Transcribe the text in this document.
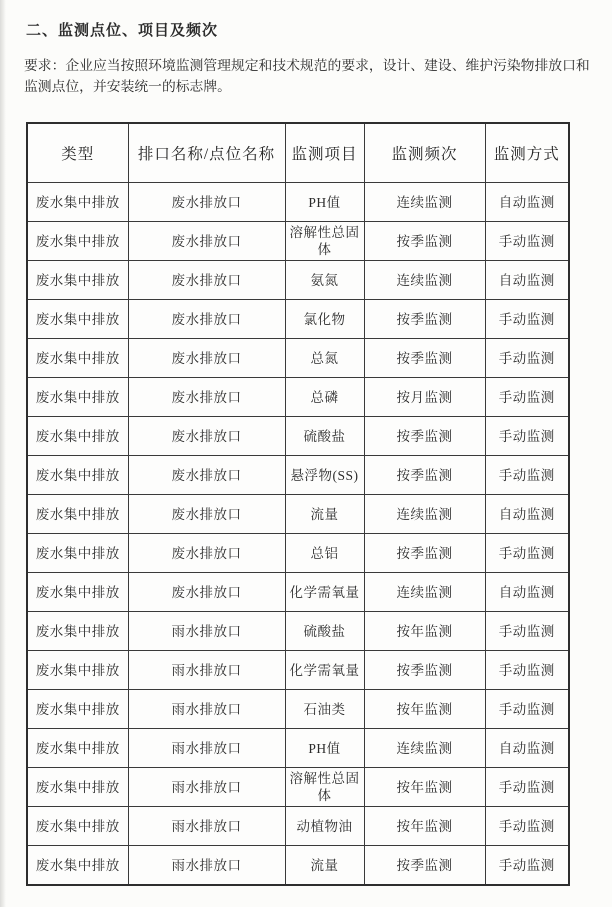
二、监测点位、项目及频次

要求：企业应当按照环境监测管理规定和技术规范的要求，设计、建设、维护污染物排放口和监测点位，并安装统一的标志牌。

类型	排口名称/点位名称	监测项目	监测频次	监测方式
废水集中排放	废水排放口	PH值	连续监测	自动监测
废水集中排放	废水排放口	溶解性总固体	按季监测	手动监测
废水集中排放	废水排放口	氨氮	连续监测	自动监测
废水集中排放	废水排放口	氯化物	按季监测	手动监测
废水集中排放	废水排放口	总氮	按季监测	手动监测
废水集中排放	废水排放口	总磷	按月监测	手动监测
废水集中排放	废水排放口	硫酸盐	按季监测	手动监测
废水集中排放	废水排放口	悬浮物(SS)	按季监测	手动监测
废水集中排放	废水排放口	流量	连续监测	自动监测
废水集中排放	废水排放口	总铝	按季监测	手动监测
废水集中排放	废水排放口	化学需氧量	连续监测	自动监测
废水集中排放	雨水排放口	硫酸盐	按年监测	手动监测
废水集中排放	雨水排放口	化学需氧量	按季监测	手动监测
废水集中排放	雨水排放口	石油类	按年监测	手动监测
废水集中排放	雨水排放口	PH值	连续监测	自动监测
废水集中排放	雨水排放口	溶解性总固体	按年监测	手动监测
废水集中排放	雨水排放口	动植物油	按年监测	手动监测
废水集中排放	雨水排放口	流量	按季监测	手动监测
